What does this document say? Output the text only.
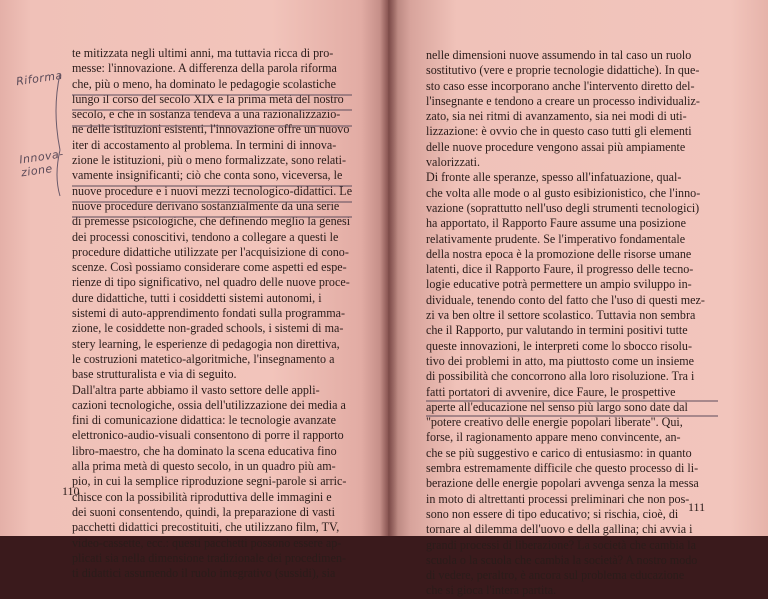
Riforma
Innova-
zione
te mitizzata negli ultimi anni, ma tuttavia ricca di pro-
messe: l'innovazione. A differenza della parola riforma
che, più o meno, ha dominato le pedagogie scolastiche
lungo il corso del secolo XIX e la prima metà del nostro
secolo, e che in sostanza tendeva a una razionalizzazio-
ne delle istituzioni esistenti, l'innovazione offre un nuovo
iter di accostamento al problema. In termini di innova-
zione le istituzioni, più o meno formalizzate, sono relati-
vamente insignificanti; ciò che conta sono, viceversa, le
nuove procedure e i nuovi mezzi tecnologico-didattici. Le
nuove procedure derivano sostanzialmente da una serie
di premesse psicologiche, che definendo meglio la genesi
dei processi conoscitivi, tendono a collegare a questi le
procedure didattiche utilizzate per l'acquisizione di cono-
scenze. Così possiamo considerare come aspetti ed espe-
rienze di tipo significativo, nel quadro delle nuove proce-
dure didattiche, tutti i cosiddetti sistemi autonomi, i
sistemi di auto-apprendimento fondati sulla programma-
zione, le cosiddette non-graded schools, i sistemi di ma-
stery learning, le esperienze di pedagogia non direttiva,
le costruzioni matetico-algoritmiche, l'insegnamento a
base strutturalista e via di seguito.
Dall'altra parte abbiamo il vasto settore delle appli-
cazioni tecnologiche, ossia dell'utilizzazione dei media a
fini di comunicazione didattica: le tecnologie avanzate
elettronico-audio-visuali consentono di porre il rapporto
libro-maestro, che ha dominato la scena educativa fino
alla prima metà di questo secolo, in un quadro più am-
pio, in cui la semplice riproduzione segni-parole si arric-
chisce con la possibilità riproduttiva delle immagini e
dei suoni consentendo, quindi, la preparazione di vasti
pacchetti didattici precostituiti, che utilizzano film, TV,
video-cassette, ecc.: questi pacchetti possono essere ap-
plicati sia nella dimensione tradizionale dei procedimen-
ti didattici assumendo il ruolo integrativo (sussidi), sia
110
nelle dimensioni nuove assumendo in tal caso un ruolo
sostitutivo (vere e proprie tecnologie didattiche). In que-
sto caso esse incorporano anche l'intervento diretto del-
l'insegnante e tendono a creare un processo individualiz-
zato, sia nei ritmi di avanzamento, sia nei modi di uti-
lizzazione: è ovvio che in questo caso tutti gli elementi
delle nuove procedure vengono assai più ampiamente
valorizzati.
Di fronte alle speranze, spesso all'infatuazione, qual-
che volta alle mode o al gusto esibizionistico, che l'inno-
vazione (soprattutto nell'uso degli strumenti tecnologici)
ha apportato, il Rapporto Faure assume una posizione
relativamente prudente. Se l'imperativo fondamentale
della nostra epoca è la promozione delle risorse umane
latenti, dice il Rapporto Faure, il progresso delle tecno-
logie educative potrà permettere un ampio sviluppo in-
dividuale, tenendo conto del fatto che l'uso di questi mez-
zi va ben oltre il settore scolastico. Tuttavia non sembra
che il Rapporto, pur valutando in termini positivi tutte
queste innovazioni, le interpreti come lo sbocco risolu-
tivo dei problemi in atto, ma piuttosto come un insieme
di possibilità che concorrono alla loro risoluzione. Tra i
fatti portatori di avvenire, dice Faure, le prospettive
aperte all'educazione nel senso più largo sono date dal
"potere creativo delle energie popolari liberate". Qui,
forse, il ragionamento appare meno convincente, an-
che se più suggestivo e carico di entusiasmo: in quanto
sembra estremamente difficile che questo processo di li-
berazione delle energie popolari avvenga senza la messa
in moto di altrettanti processi preliminari che non pos-
sono non essere di tipo educativo; si rischia, cioè, di
tornare al dilemma dell'uovo e della gallina; chi avvia i
grandi processi di liberazione? La società che cambia la
scuola o la scuola che cambia la società? A nostro modo
di vedere, peraltro, è ancora sul problema educazione
che si gioca l'intera partita.
111
